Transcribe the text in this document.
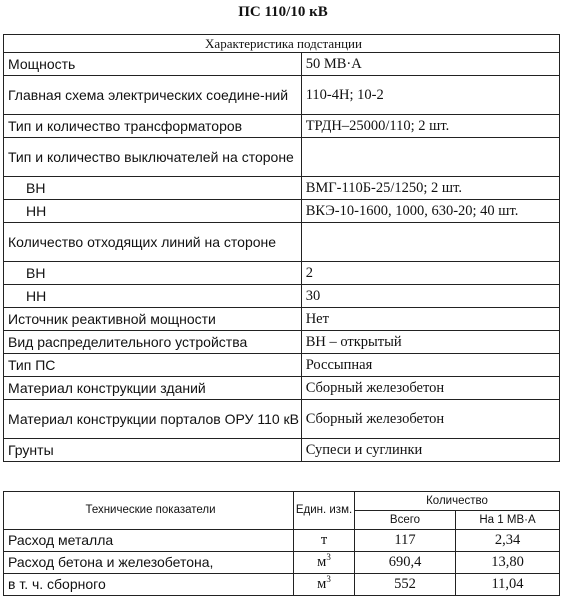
ПС 110/10 кВ
Характеристика подстанции	
Мощность	50 МВ·А
Главная схема электрических соедине-ний	110-4Н; 10-2
Тип и количество трансформаторов	ТРДН–25000/110; 2 шт.
Тип и количество выключателей на стороне	
ВН	ВМГ-110Б-25/1250; 2 шт.
НН	ВКЭ-10-1600, 1000, 630-20; 40 шт.
Количество отходящих линий на стороне	
ВН	2
НН	30
Источник реактивной мощности	Нет
Вид распределительного устройства	ВН – открытый
Тип ПС	Россыпная
Материал конструкции зданий	Сборный железобетон
Материал конструкции порталов ОРУ 110 кВ	Сборный железобетон
Грунты	Супеси и суглинки
Технические показатели	Един. изм.	Количество	
		Всего	На 1 МВ·А
Расход металла	т	117	2,34
Расход бетона и железобетона,	$м^3$	690,4	13,80
в т. ч. сборного	$м^3$	552	11,04
